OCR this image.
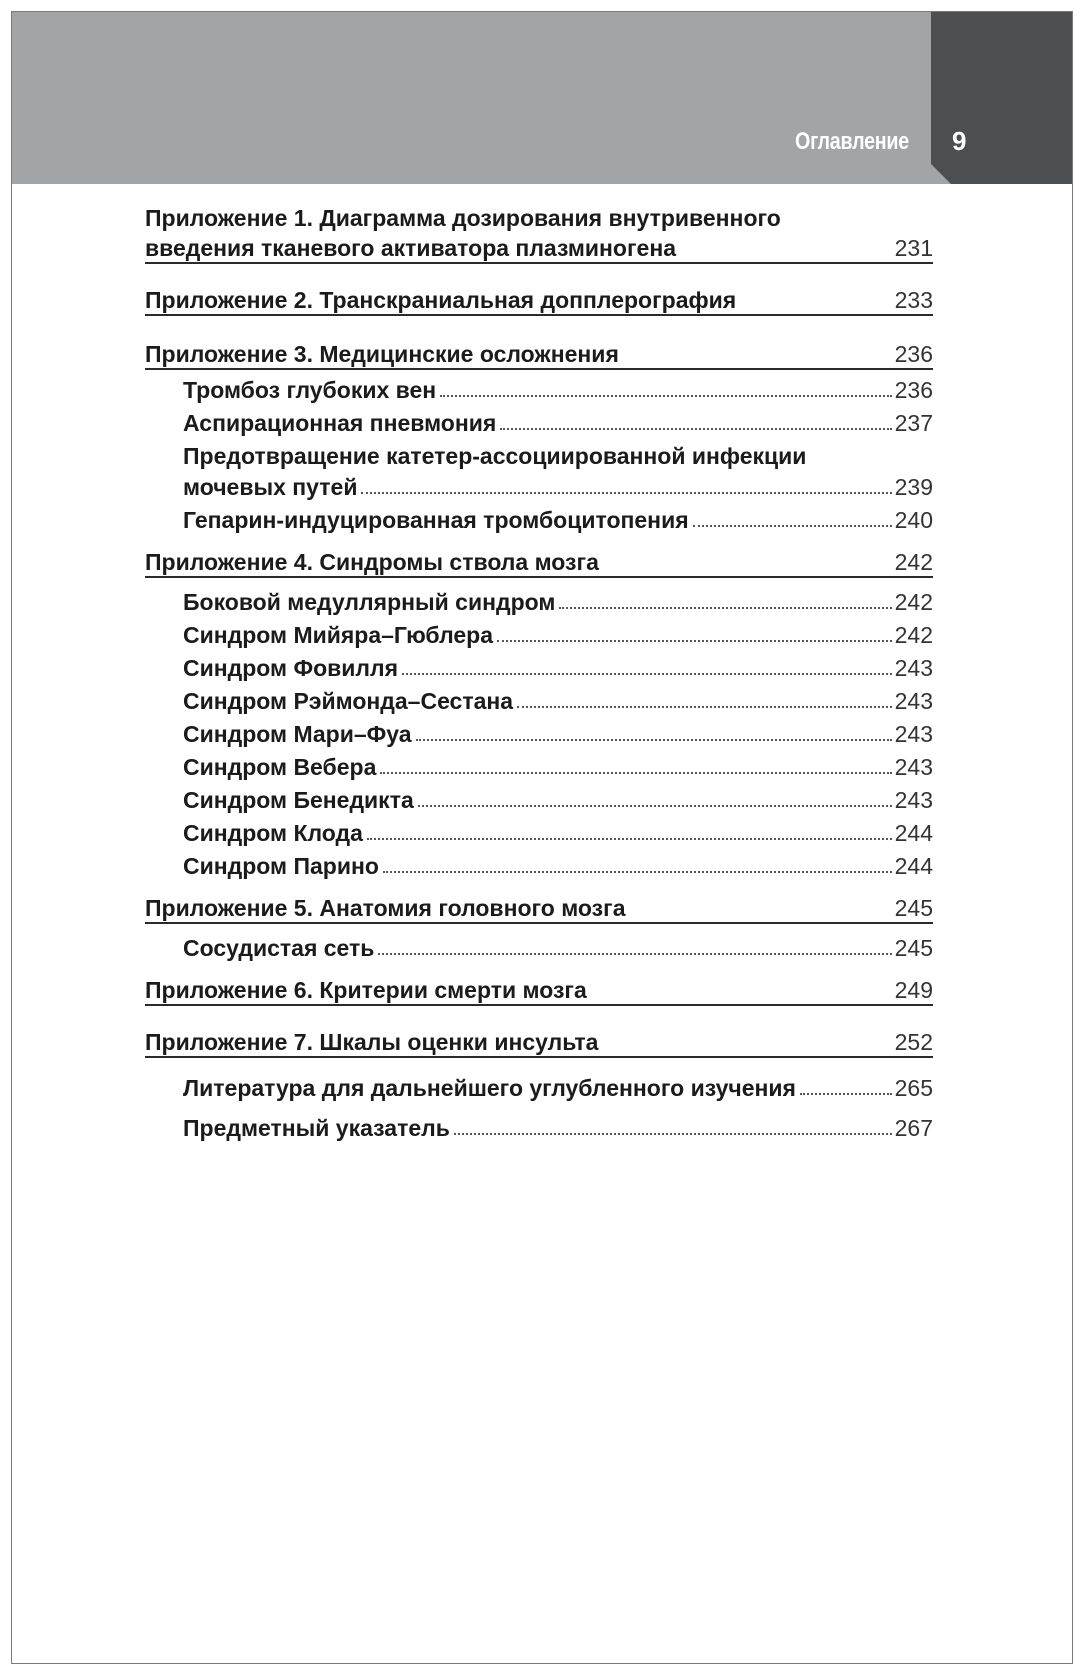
Оглавление 9
Приложение 1. Диаграмма дозирования внутривенного
введения тканевого активатора плазминогена	231
Приложение 2. Транскраниальная допплерография	233
Приложение 3. Медицинские осложнения	236
Тромбоз глубоких вен	236
Аспирационная пневмония	237
Предотвращение катетер-ассоциированной инфекции
мочевых путей	239
Гепарин-индуцированная тромбоцитопения	240
Приложение 4. Синдромы ствола мозга	242
Боковой медуллярный синдром	242
Синдром Мийяра–Гюблера	242
Синдром Фовилля	243
Синдром Рэймонда–Сестана	243
Синдром Мари–Фуа	243
Синдром Вебера	243
Синдром Бенедикта	243
Синдром Клода	244
Синдром Парино	244
Приложение 5. Анатомия головного мозга	245
Сосудистая сеть	245
Приложение 6. Критерии смерти мозга	249
Приложение 7. Шкалы оценки инсульта	252
Литература для дальнейшего углубленного изучения	265
Предметный указатель	267
